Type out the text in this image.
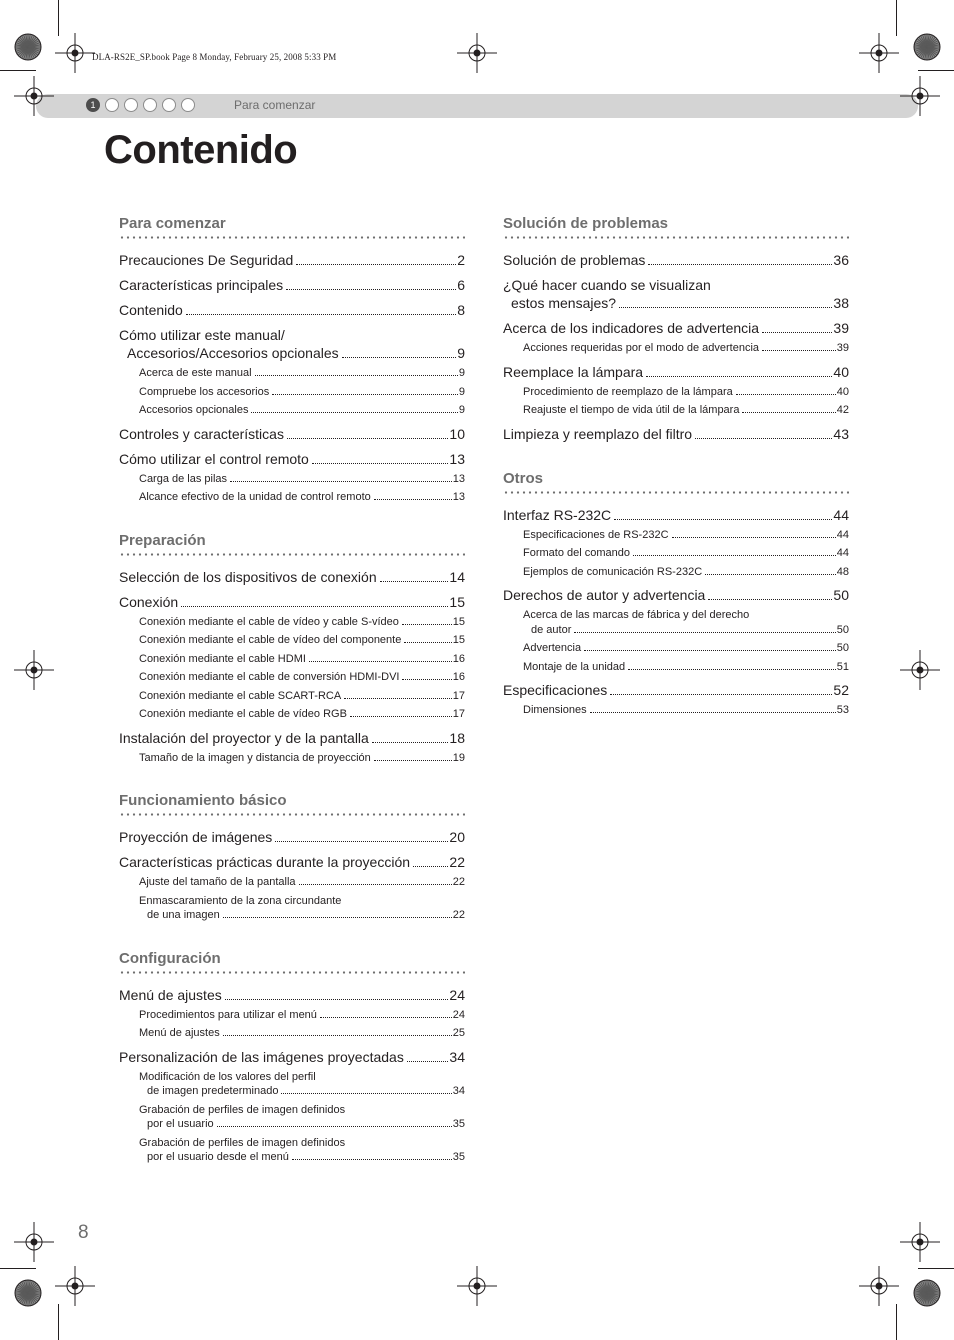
DLA-RS2E_SP.book Page 8 Monday, February 25, 2008 5:33 PM
1	Para comenzar
Contenido
Para comenzar
Precauciones De Seguridad	2
Características principales	6
Contenido	8
Cómo utilizar este manual/
Accesorios/Accesorios opcionales	9
Acerca de este manual	9
Compruebe los accesorios	9
Accesorios opcionales	9
Controles y características	10
Cómo utilizar el control remoto	13
Carga de las pilas	13
Alcance efectivo de la unidad de control remoto	13
Preparación
Selección de los dispositivos de conexión	14
Conexión	15
Conexión mediante el cable de vídeo y cable S-vídeo	15
Conexión mediante el cable de vídeo del componente	15
Conexión mediante el cable HDMI	16
Conexión mediante el cable de conversión HDMI-DVI	16
Conexión mediante el cable SCART-RCA	17
Conexión mediante el cable de vídeo RGB	17
Instalación del proyector y de la pantalla	18
Tamaño de la imagen y distancia de proyección	19
Funcionamiento básico
Proyección de imágenes	20
Características prácticas durante la proyección	22
Ajuste del tamaño de la pantalla	22
Enmascaramiento de la zona circundante
de una imagen	22
Configuración
Menú de ajustes	24
Procedimientos para utilizar el menú	24
Menú de ajustes	25
Personalización de las imágenes proyectadas	34
Modificación de los valores del perfil
de imagen predeterminado	34
Grabación de perfiles de imagen definidos
por el usuario	35
Grabación de perfiles de imagen definidos
por el usuario desde el menú	35
Solución de problemas
Solución de problemas	36
¿Qué hacer cuando se visualizan
estos mensajes?	38
Acerca de los indicadores de advertencia	39
Acciones requeridas por el modo de advertencia	39
Reemplace la lámpara	40
Procedimiento de reemplazo de la lámpara	40
Reajuste el tiempo de vida útil de la lámpara	42
Limpieza y reemplazo del filtro	43
Otros
Interfaz RS-232C	44
Especificaciones de RS-232C	44
Formato del comando	44
Ejemplos de comunicación RS-232C	48
Derechos de autor y advertencia	50
Acerca de las marcas de fábrica y del derecho
de autor	50
Advertencia	50
Montaje de la unidad	51
Especificaciones	52
Dimensiones	53
8
